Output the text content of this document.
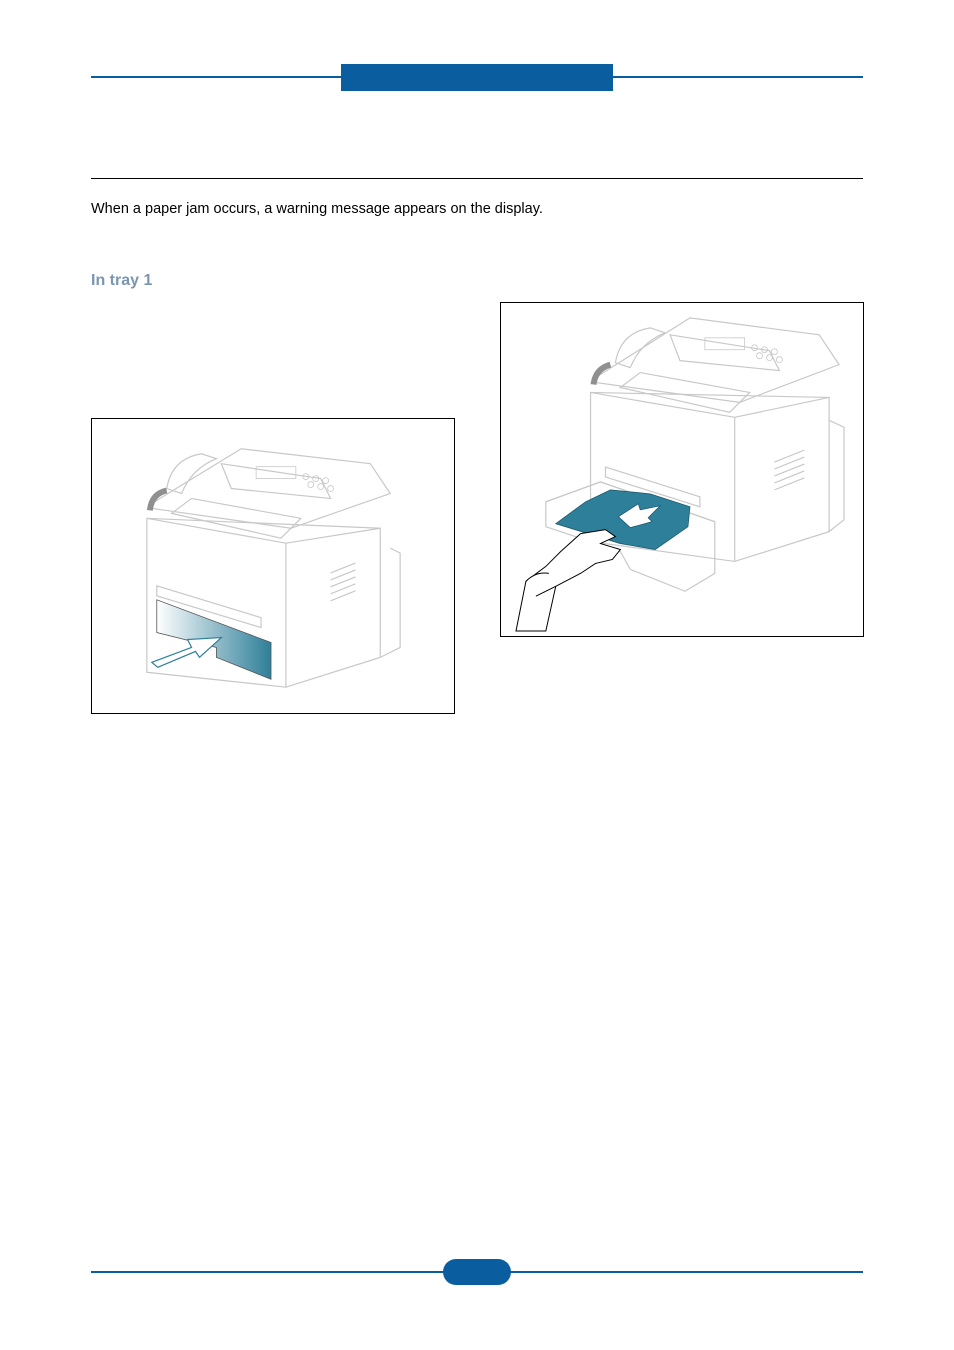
When a paper jam occurs, a warning message appears on the display.
In tray 1
